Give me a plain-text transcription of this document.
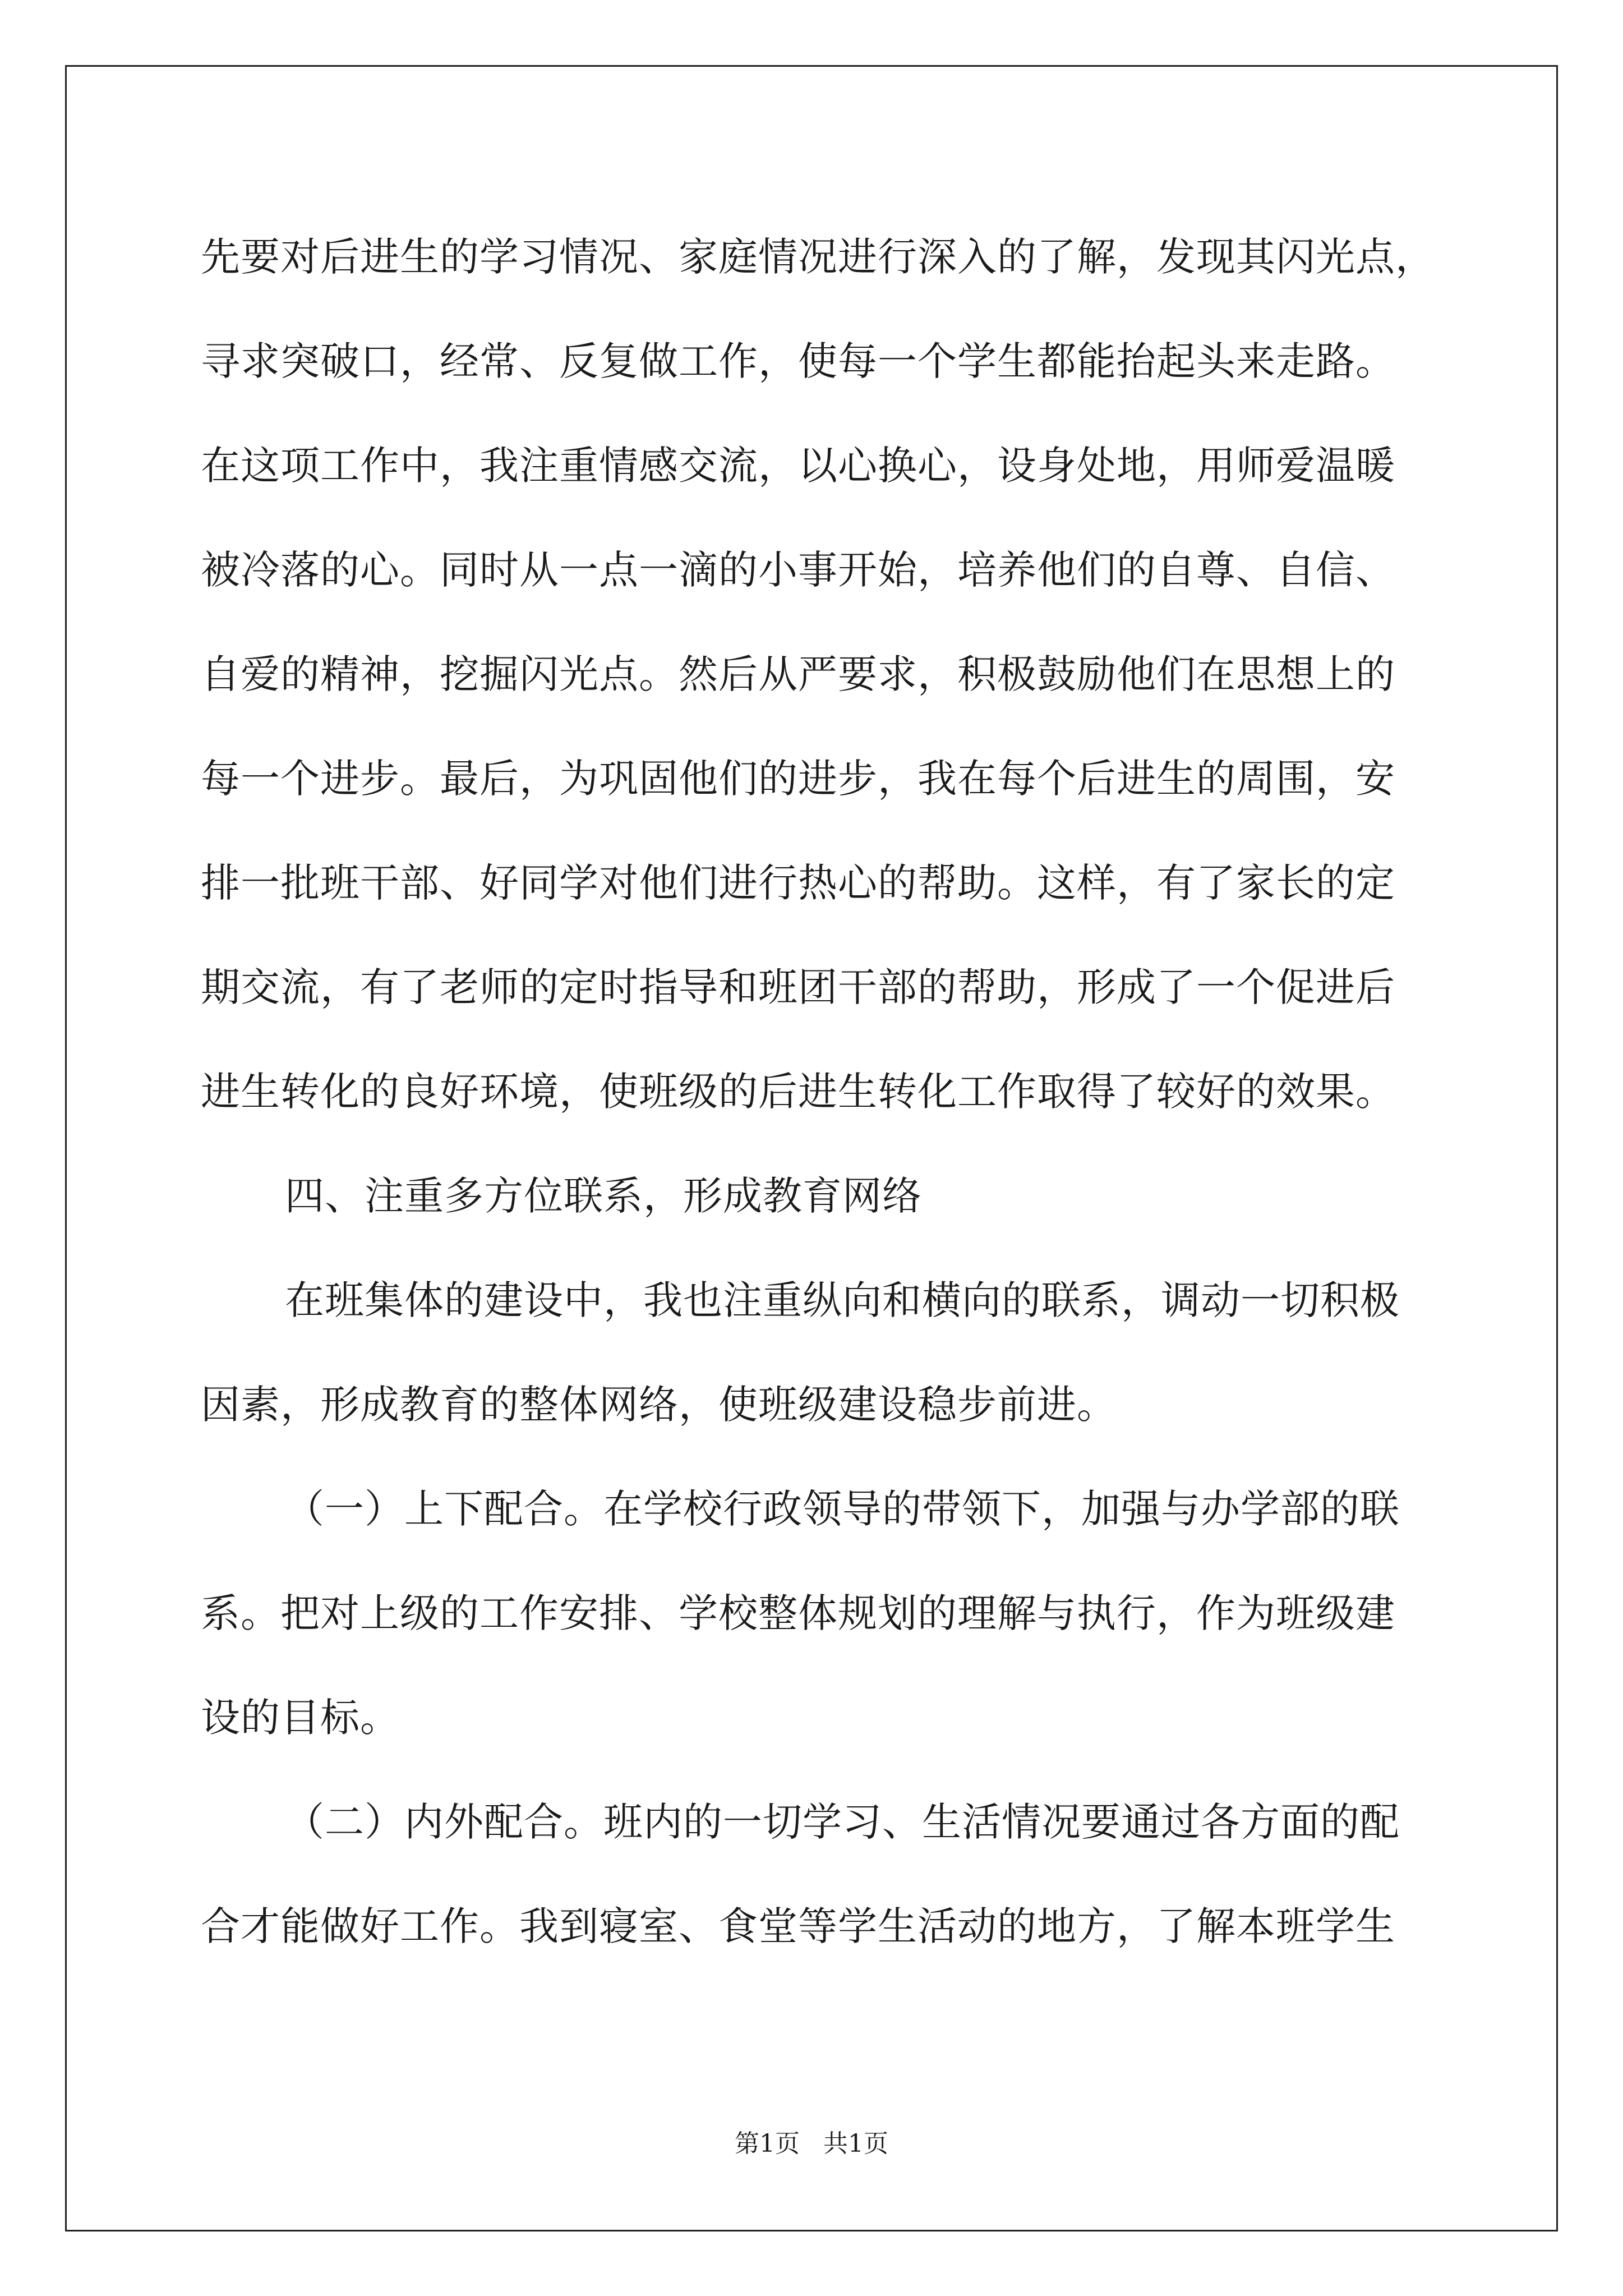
先要对后进生的学习情况、家庭情况进行深入的了解，发现其闪光点，
寻求突破口，经常、反复做工作，使每一个学生都能抬起头来走路。
在这项工作中，我注重情感交流，以心换心，设身处地，用师爱温暖
被冷落的心。同时从一点一滴的小事开始，培养他们的自尊、自信、
自爱的精神，挖掘闪光点。然后从严要求，积极鼓励他们在思想上的
每一个进步。最后，为巩固他们的进步，我在每个后进生的周围，安
排一批班干部、好同学对他们进行热心的帮助。这样，有了家长的定
期交流，有了老师的定时指导和班团干部的帮助，形成了一个促进后
进生转化的良好环境，使班级的后进生转化工作取得了较好的效果。
四、注重多方位联系，形成教育网络
在班集体的建设中，我也注重纵向和横向的联系，调动一切积极
因素，形成教育的整体网络，使班级建设稳步前进。
（一）上下配合。在学校行政领导的带领下，加强与办学部的联
系。把对上级的工作安排、学校整体规划的理解与执行，作为班级建
设的目标。
（二）内外配合。班内的一切学习、生活情况要通过各方面的配
合才能做好工作。我到寝室、食堂等学生活动的地方，了解本班学生
第1页 共1页
